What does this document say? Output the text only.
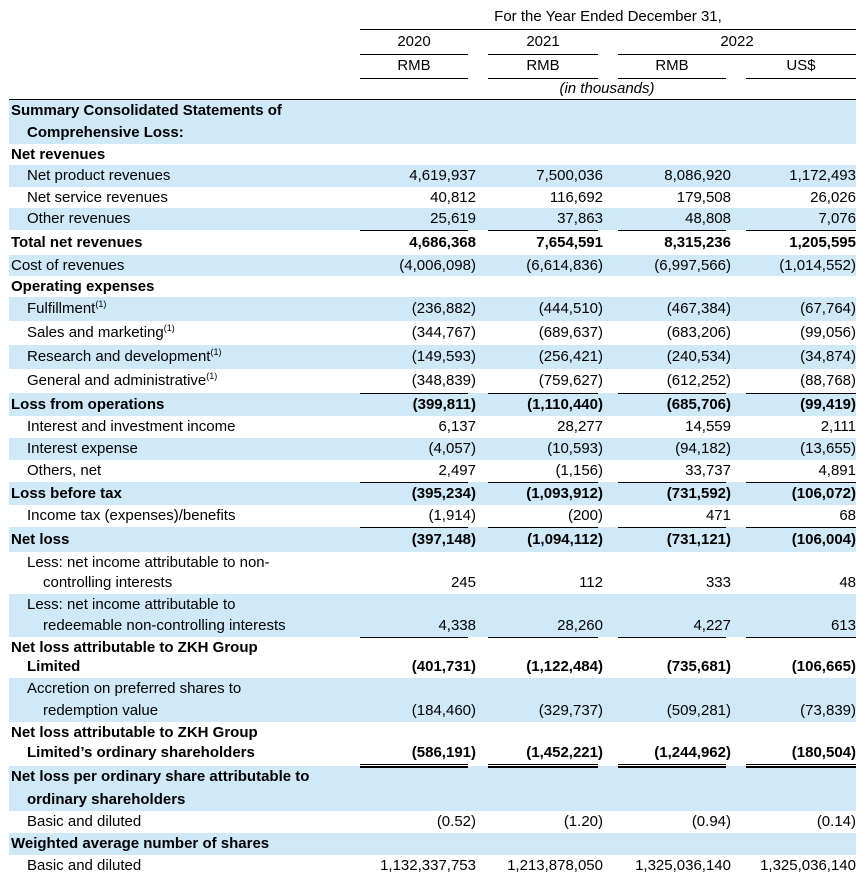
For the Year Ended December 31,
2020	2021	2022
RMB	RMB	RMB	US$
(in thousands)
Summary Consolidated Statements of
Comprehensive Loss:
Net revenues
Net product revenues	4,619,937	7,500,036	8,086,920	1,172,493
Net service revenues	40,812	116,692	179,508	26,026
Other revenues	25,619	37,863	48,808	7,076
Total net revenues	4,686,368	7,654,591	8,315,236	1,205,595
Cost of revenues	(4,006,098)	(6,614,836)	(6,997,566)	(1,014,552)
Operating expenses
Fulfillment$^{(1)}$	(236,882)	(444,510)	(467,384)	(67,764)
Sales and marketing$^{(1)}$	(344,767)	(689,637)	(683,206)	(99,056)
Research and development$^{(1)}$	(149,593)	(256,421)	(240,534)	(34,874)
General and administrative$^{(1)}$	(348,839)	(759,627)	(612,252)	(88,768)
Loss from operations	(399,811)	(1,110,440)	(685,706)	(99,419)
Interest and investment income	6,137	28,277	14,559	2,111
Interest expense	(4,057)	(10,593)	(94,182)	(13,655)
Others, net	2,497	(1,156)	33,737	4,891
Loss before tax	(395,234)	(1,093,912)	(731,592)	(106,072)
Income tax (expenses)/benefits	(1,914)	(200)	471	68
Net loss	(397,148)	(1,094,112)	(731,121)	(106,004)
Less: net income attributable to non-
controlling interests	245	112	333	48
Less: net income attributable to
redeemable non-controlling interests	4,338	28,260	4,227	613
Net loss attributable to ZKH Group
Limited	(401,731)	(1,122,484)	(735,681)	(106,665)
Accretion on preferred shares to
redemption value	(184,460)	(329,737)	(509,281)	(73,839)
Net loss attributable to ZKH Group
Limited’s ordinary shareholders	(586,191)	(1,452,221)	(1,244,962)	(180,504)
Net loss per ordinary share attributable to
ordinary shareholders
Basic and diluted	(0.52)	(1.20)	(0.94)	(0.14)
Weighted average number of shares
Basic and diluted	1,132,337,753 1,213,878,050 1,325,036,140 1,325,036,140
